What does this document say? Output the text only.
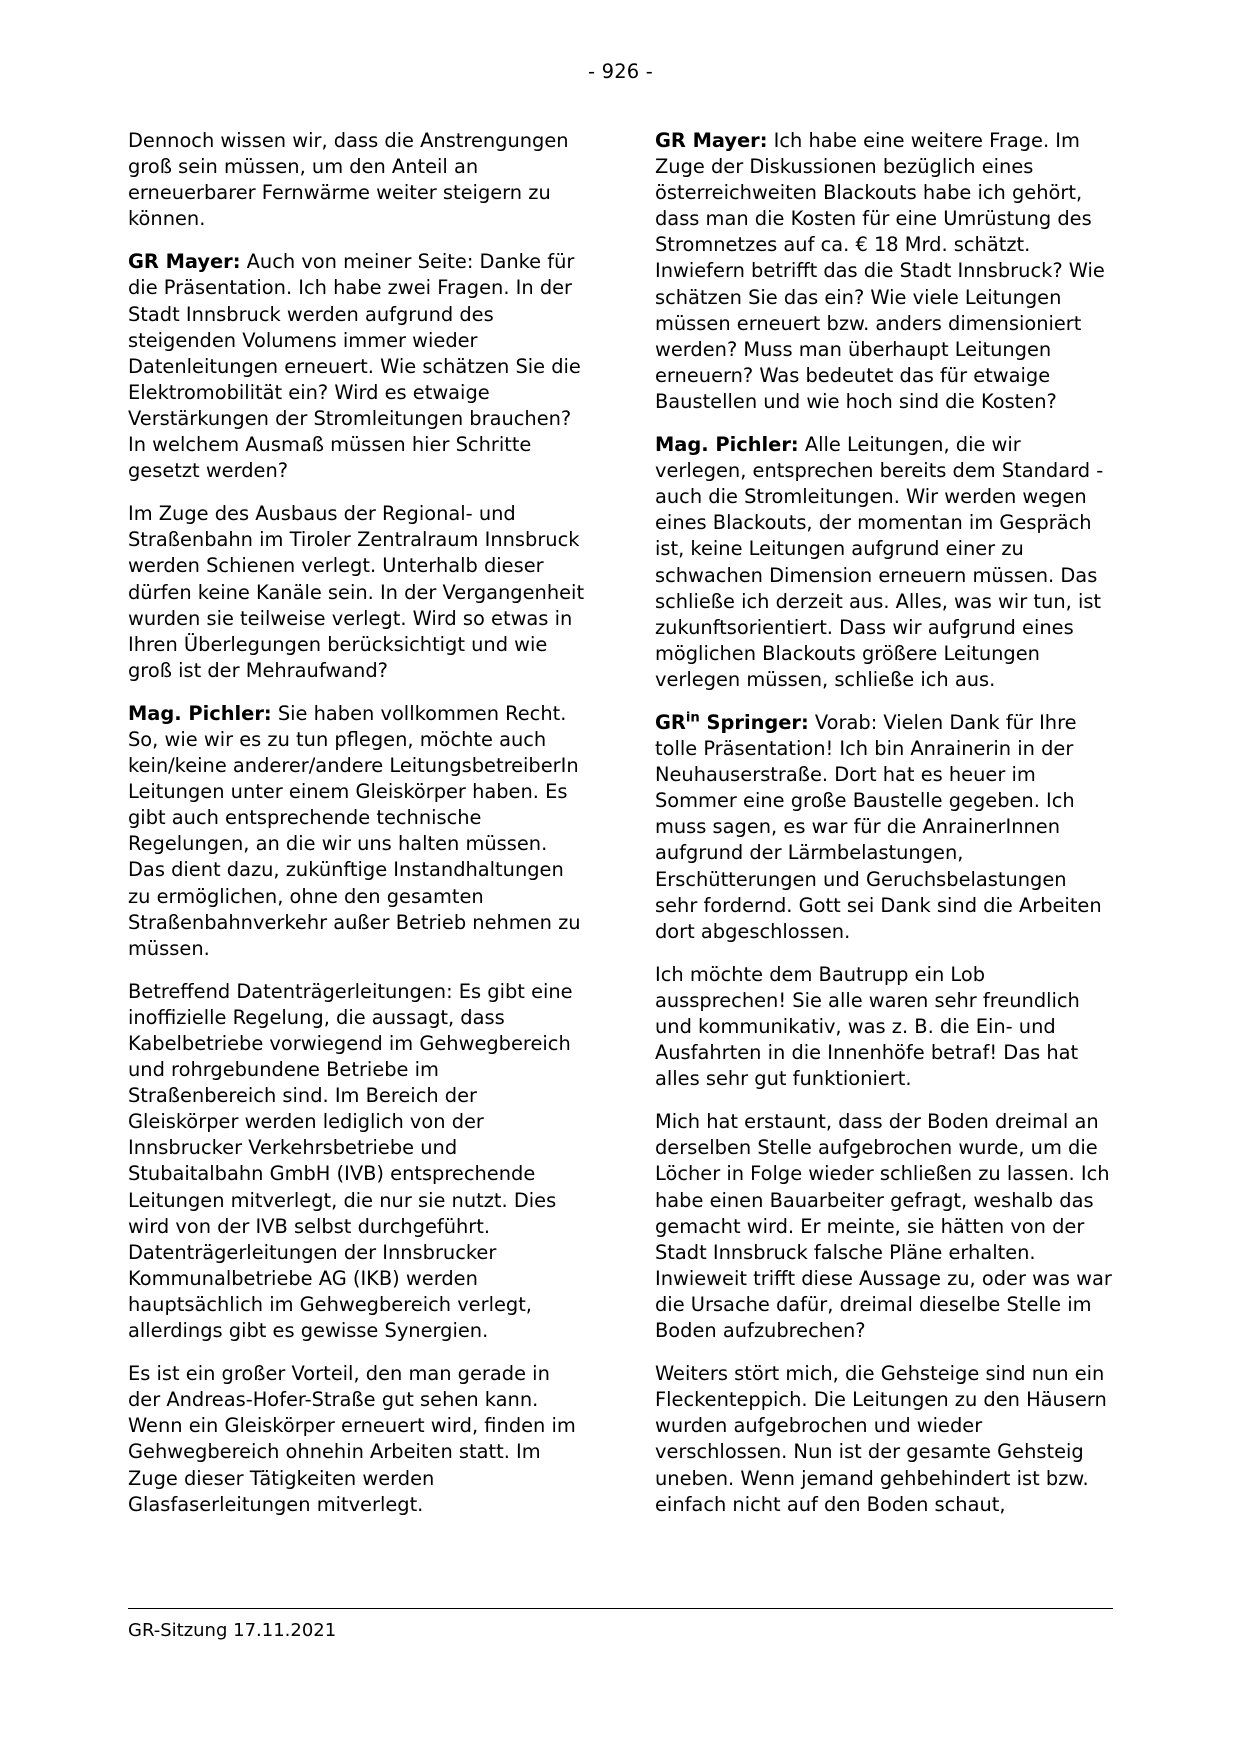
- 926 -

Dennoch wissen wir, dass die Anstrengungen groß sein müssen, um den Anteil an erneuerbarer Fernwärme weiter steigern zu können.

GR Mayer: Auch von meiner Seite: Danke für die Präsentation. Ich habe zwei Fragen. In der Stadt Innsbruck werden aufgrund des steigenden Volumens immer wieder Datenleitungen erneuert. Wie schätzen Sie die Elektromobilität ein? Wird es etwaige Verstärkungen der Stromleitungen brauchen? In welchem Ausmaß müssen hier Schritte gesetzt werden?

Im Zuge des Ausbaus der Regional- und Straßenbahn im Tiroler Zentralraum Innsbruck werden Schienen verlegt. Unterhalb dieser dürfen keine Kanäle sein. In der Vergangenheit wurden sie teilweise verlegt. Wird so etwas in Ihren Überlegungen berücksichtigt und wie groß ist der Mehraufwand?

Mag. Pichler: Sie haben vollkommen Recht. So, wie wir es zu tun pflegen, möchte auch kein/keine anderer/andere LeitungsbetreiberIn Leitungen unter einem Gleiskörper haben. Es gibt auch entsprechende technische Regelungen, an die wir uns halten müssen. Das dient dazu, zukünftige Instandhaltungen zu ermöglichen, ohne den gesamten Straßenbahnverkehr außer Betrieb nehmen zu müssen.

Betreffend Datenträgerleitungen: Es gibt eine inoffizielle Regelung, die aussagt, dass Kabelbetriebe vorwiegend im Gehwegbereich und rohrgebundene Betriebe im Straßenbereich sind. Im Bereich der Gleiskörper werden lediglich von der Innsbrucker Verkehrsbetriebe und Stubaitalbahn GmbH (IVB) entsprechende Leitungen mitverlegt, die nur sie nutzt. Dies wird von der IVB selbst durchgeführt. Datenträgerleitungen der Innsbrucker Kommunalbetriebe AG (IKB) werden hauptsächlich im Gehwegbereich verlegt, allerdings gibt es gewisse Synergien.

Es ist ein großer Vorteil, den man gerade in der Andreas-Hofer-Straße gut sehen kann. Wenn ein Gleiskörper erneuert wird, finden im Gehwegbereich ohnehin Arbeiten statt. Im Zuge dieser Tätigkeiten werden Glasfaserleitungen mitverlegt.

GR Mayer: Ich habe eine weitere Frage. Im Zuge der Diskussionen bezüglich eines österreichweiten Blackouts habe ich gehört, dass man die Kosten für eine Umrüstung des Stromnetzes auf ca. € 18 Mrd. schätzt. Inwiefern betrifft das die Stadt Innsbruck? Wie schätzen Sie das ein? Wie viele Leitungen müssen erneuert bzw. anders dimensioniert werden? Muss man überhaupt Leitungen erneuern? Was bedeutet das für etwaige Baustellen und wie hoch sind die Kosten?

Mag. Pichler: Alle Leitungen, die wir verlegen, entsprechen bereits dem Standard - auch die Stromleitungen. Wir werden wegen eines Blackouts, der momentan im Gespräch ist, keine Leitungen aufgrund einer zu schwachen Dimension erneuern müssen. Das schließe ich derzeit aus. Alles, was wir tun, ist zukunftsorientiert. Dass wir aufgrund eines möglichen Blackouts größere Leitungen verlegen müssen, schließe ich aus.

$GR^{in}$ Springer: Vorab: Vielen Dank für Ihre tolle Präsentation! Ich bin Anrainerin in der Neuhauserstraße. Dort hat es heuer im Sommer eine große Baustelle gegeben. Ich muss sagen, es war für die AnrainerInnen aufgrund der Lärmbelastungen, Erschütterungen und Geruchsbelastungen sehr fordernd. Gott sei Dank sind die Arbeiten dort abgeschlossen.

Ich möchte dem Bautrupp ein Lob aussprechen! Sie alle waren sehr freundlich und kommunikativ, was z. B. die Ein- und Ausfahrten in die Innenhöfe betraf! Das hat alles sehr gut funktioniert.

Mich hat erstaunt, dass der Boden dreimal an derselben Stelle aufgebrochen wurde, um die Löcher in Folge wieder schließen zu lassen. Ich habe einen Bauarbeiter gefragt, weshalb das gemacht wird. Er meinte, sie hätten von der Stadt Innsbruck falsche Pläne erhalten. Inwieweit trifft diese Aussage zu, oder was war die Ursache dafür, dreimal dieselbe Stelle im Boden aufzubrechen?

Weiters stört mich, die Gehsteige sind nun ein Fleckenteppich. Die Leitungen zu den Häusern wurden aufgebrochen und wieder verschlossen. Nun ist der gesamte Gehsteig uneben. Wenn jemand gehbehindert ist bzw. einfach nicht auf den Boden schaut,

GR-Sitzung 17.11.2021
